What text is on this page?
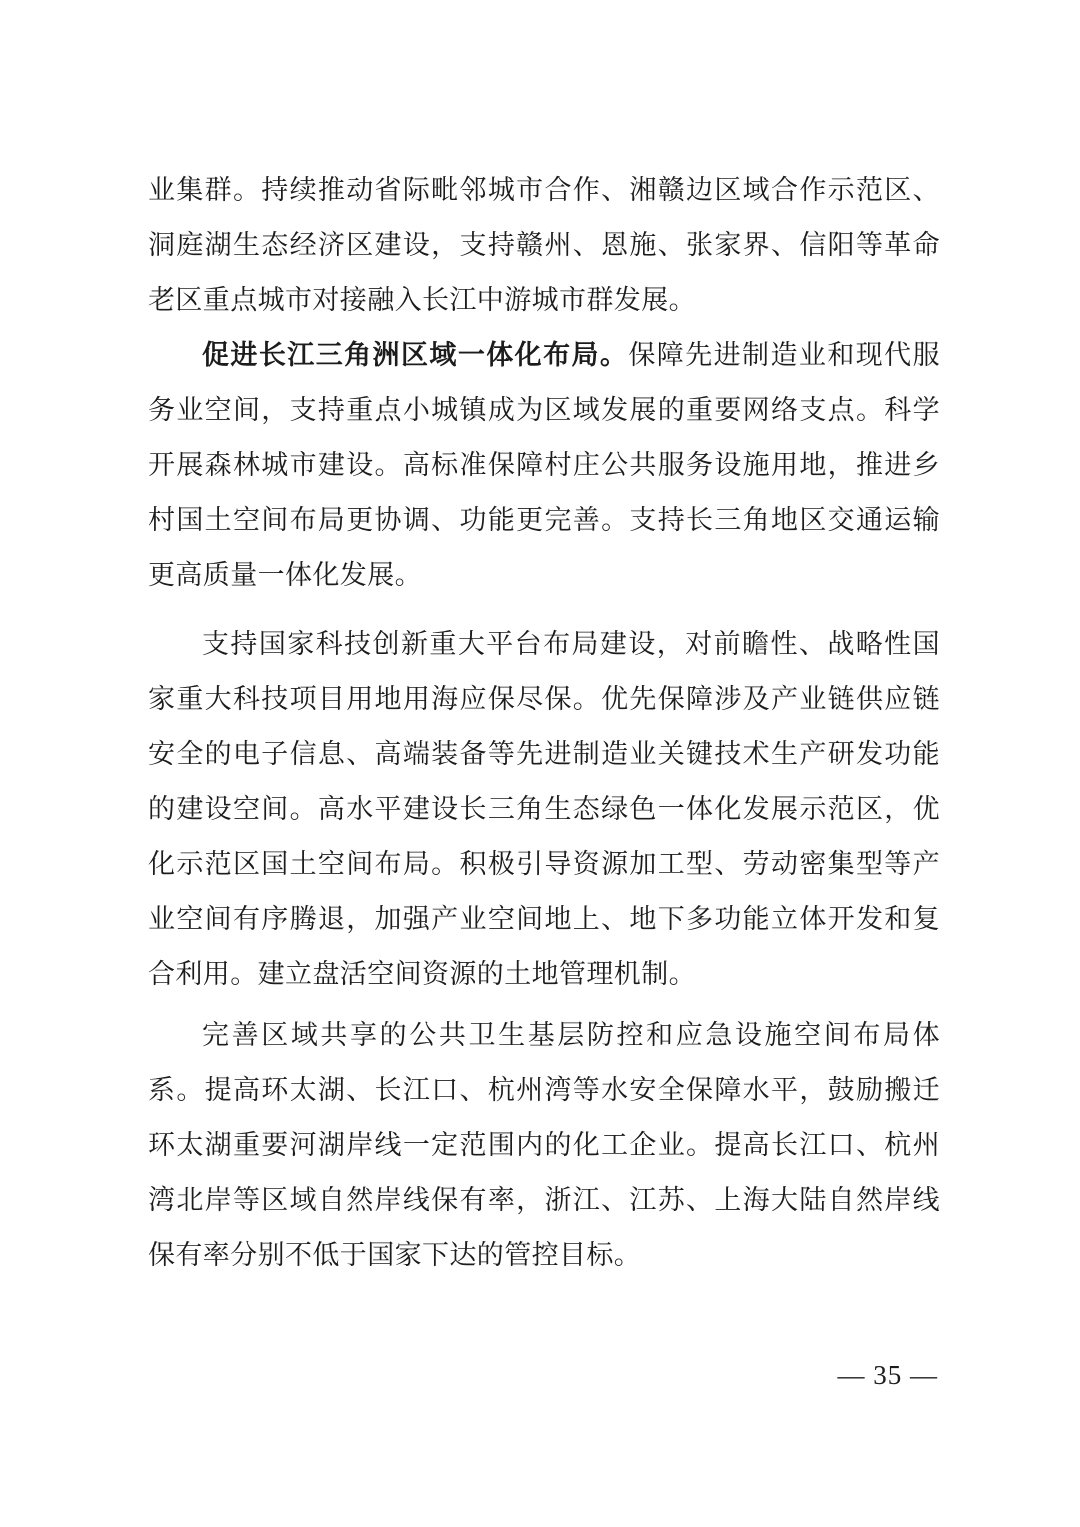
业集群。持续推动省际毗邻城市合作、湘赣边区域合作示范区、洞庭湖生态经济区建设，支持赣州、恩施、张家界、信阳等革命老区重点城市对接融入长江中游城市群发展。

促进长江三角洲区域一体化布局。保障先进制造业和现代服务业空间，支持重点小城镇成为区域发展的重要网络支点。科学开展森林城市建设。高标准保障村庄公共服务设施用地，推进乡村国土空间布局更协调、功能更完善。支持长三角地区交通运输更高质量一体化发展。

支持国家科技创新重大平台布局建设，对前瞻性、战略性国家重大科技项目用地用海应保尽保。优先保障涉及产业链供应链安全的电子信息、高端装备等先进制造业关键技术生产研发功能的建设空间。高水平建设长三角生态绿色一体化发展示范区，优化示范区国土空间布局。积极引导资源加工型、劳动密集型等产业空间有序腾退，加强产业空间地上、地下多功能立体开发和复合利用。建立盘活空间资源的土地管理机制。

完善区域共享的公共卫生基层防控和应急设施空间布局体系。提高环太湖、长江口、杭州湾等水安全保障水平，鼓励搬迁环太湖重要河湖岸线一定范围内的化工企业。提高长江口、杭州湾北岸等区域自然岸线保有率，浙江、江苏、上海大陆自然岸线保有率分别不低于国家下达的管控目标。

— 35 —
